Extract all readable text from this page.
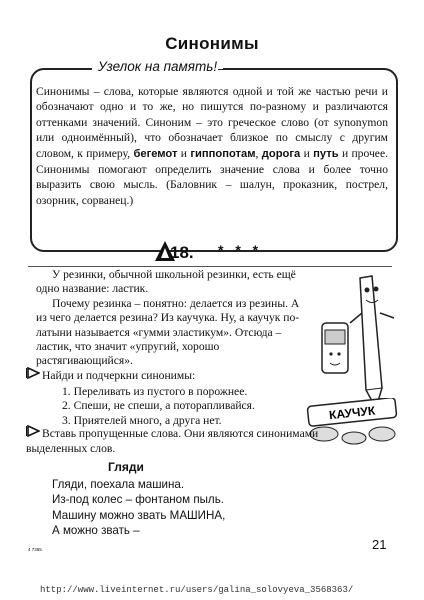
Синонимы
Узелок на память!
Синонимы – слова, которые являются одной и той же частью речи и обозначают одно и то же, но пишутся по-разному и различаются оттенками значений. Синоним – это греческое слово (от synonymon или одноимённый), что обозначает близкое по смыслу с другим словом, к примеру, бегемот и гиппопотам, дорога и путь и прочее. Синонимы помогают определить значение слова и более точно выразить свою мысль. (Баловник – шалун, проказник, пострел, озорник, сорванец.)
18. * * *

У резинки, обычной школьной резинки, есть ещё одно название: ластик.

Почему резинка – понятно: делается из резины. А из чего делается резина? Из каучука. Ну, а каучук по-латыни называется «гумми эластикум». Отсюда – ластик, что значит «упругий, хорошо растягивающийся».

Найди и подчеркни синонимы:
1. Переливать из пустого в порожнее.
2. Спеши, не спеши, а поторапливайся.
3. Приятелей много, а друга нет.	КАУЧУК
Вставь пропущенные слова. Они являются синонимами выделенных слов.
Гляди
Гляди, поехала машина.
Из-под колес – фонтаном пыль.
Машину можно звать МАШИНА,
А можно звать –
21
4 7365
http://www.liveinternet.ru/users/galina_solovyeva_3568363/
